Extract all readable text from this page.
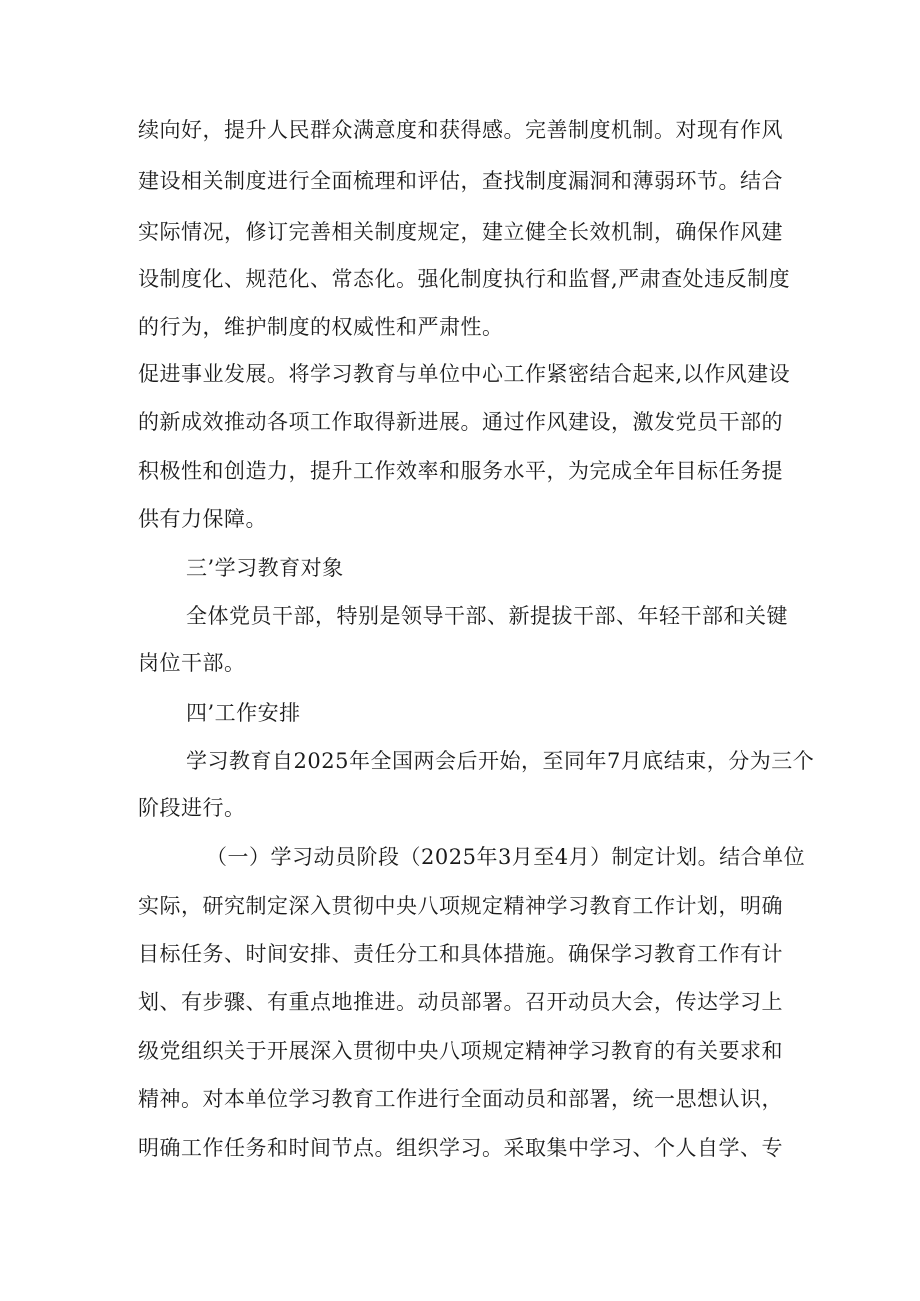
续向好，提升人民群众满意度和获得感。完善制度机制。对现有作风

建设相关制度进行全面梳理和评估，查找制度漏洞和薄弱环节。结合

实际情况，修订完善相关制度规定，建立健全长效机制，确保作风建

设制度化、规范化、常态化。强化制度执行和监督,严肃查处违反制度

的行为，维护制度的权威性和严肃性。

促进事业发展。将学习教育与单位中心工作紧密结合起来,以作风建设

的新成效推动各项工作取得新进展。通过作风建设，激发党员干部的

积极性和创造力，提升工作效率和服务水平，为完成全年目标任务提

供有力保障。

三’学习教育对象

全体党员干部，特别是领导干部、新提拔干部、年轻干部和关键

岗位干部。

四’工作安排

学习教育自2025年全国两会后开始，至同年7月底结束，分为三个

阶段进行。

（一）学习动员阶段（2025年3月至4月）制定计划。结合单位

实际，研究制定深入贯彻中央八项规定精神学习教育工作计划，明确

目标任务、时间安排、责任分工和具体措施。确保学习教育工作有计

划、有步骤、有重点地推进。动员部署。召开动员大会，传达学习上

级党组织关于开展深入贯彻中央八项规定精神学习教育的有关要求和

精神。对本单位学习教育工作进行全面动员和部署，统一思想认识，

明确工作任务和时间节点。组织学习。采取集中学习、个人自学、专
